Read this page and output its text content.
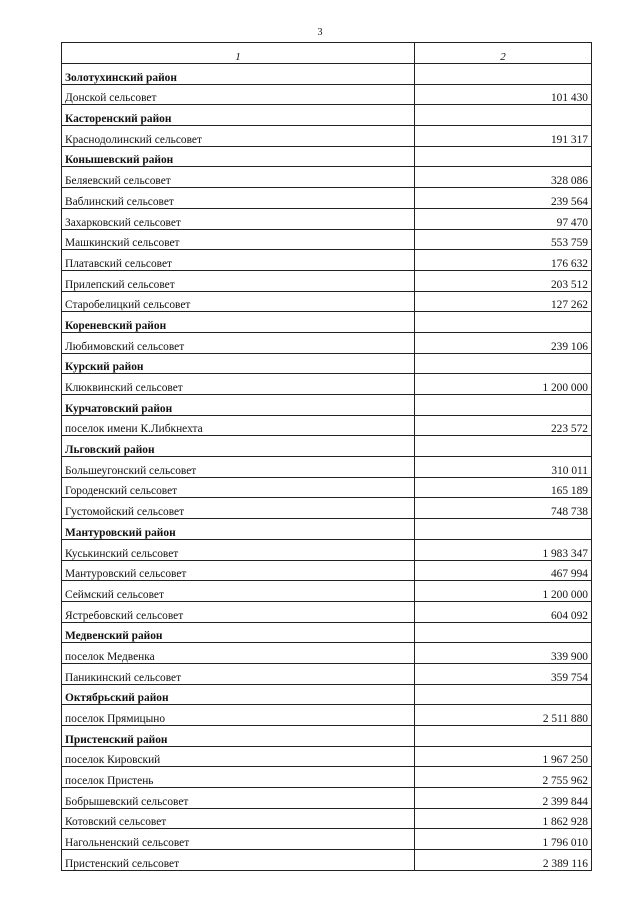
3
1	2
Золотухинский район	
Донской сельсовет	101 430
Касторенский район	
Краснодолинский сельсовет	191 317
Конышевский район	
Беляевский сельсовет	328 086
Ваблинский сельсовет	239 564
Захарковский сельсовет	97 470
Машкинский сельсовет	553 759
Платавский сельсовет	176 632
Прилепский сельсовет	203 512
Старобелицкий сельсовет	127 262
Кореневский район	
Любимовский сельсовет	239 106
Курский район	
Клюквинский сельсовет	1 200 000
Курчатовский район	
поселок имени К.Либкнехта	223 572
Льговский район	
Большеугонский сельсовет	310 011
Городенский сельсовет	165 189
Густомойский сельсовет	748 738
Мантуровский район	
Куськинский сельсовет	1 983 347
Мантуровский сельсовет	467 994
Сеймский сельсовет	1 200 000
Ястребовский сельсовет	604 092
Медвенский район	
поселок Медвенка	339 900
Паникинский сельсовет	359 754
Октябрьский район	
поселок Прямицыно	2 511 880
Пристенский район	
поселок Кировский	1 967 250
поселок Пристень	2 755 962
Бобрышевский сельсовет	2 399 844
Котовский сельсовет	1 862 928
Нагольненский сельсовет	1 796 010
Пристенский сельсовет	2 389 116
